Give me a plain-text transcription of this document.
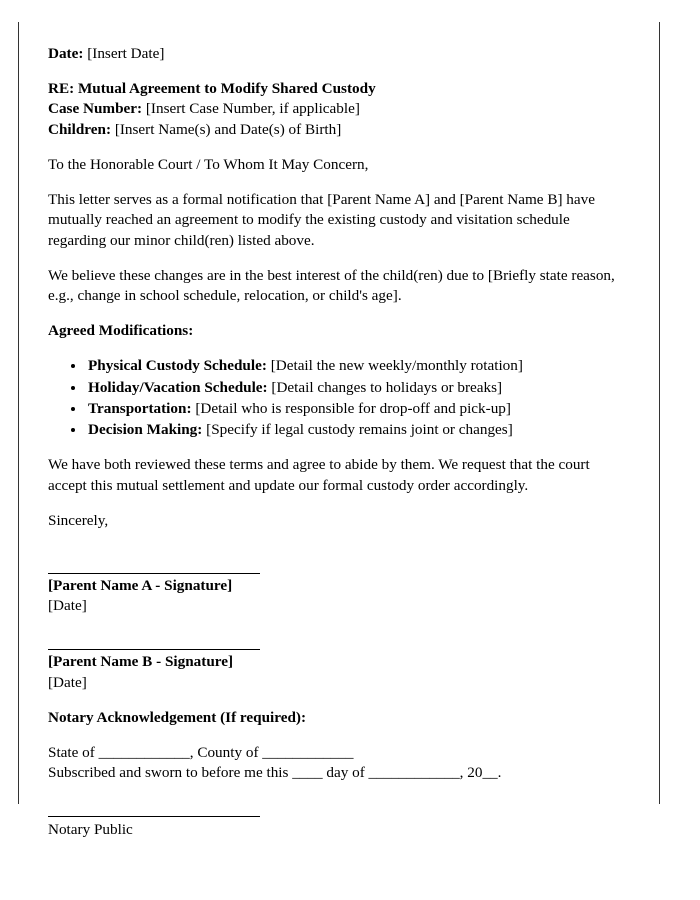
Date: [Insert Date]
RE: Mutual Agreement to Modify Shared Custody
Case Number: [Insert Case Number, if applicable]
Children: [Insert Name(s) and Date(s) of Birth]
To the Honorable Court / To Whom It May Concern,
This letter serves as a formal notification that [Parent Name A] and [Parent Name B] have mutually reached an agreement to modify the existing custody and visitation schedule regarding our minor child(ren) listed above.
We believe these changes are in the best interest of the child(ren) due to [Briefly state reason, e.g., change in school schedule, relocation, or child's age].
Agreed Modifications:
• Physical Custody Schedule: [Detail the new weekly/monthly rotation]
• Holiday/Vacation Schedule: [Detail changes to holidays or breaks]
• Transportation: [Detail who is responsible for drop-off and pick-up]
• Decision Making: [Specify if legal custody remains joint or changes]
We have both reviewed these terms and agree to abide by them. We request that the court accept this mutual settlement and update our formal custody order accordingly.
Sincerely,
[Parent Name A - Signature]
[Date]
[Parent Name B - Signature]
[Date]
Notary Acknowledgement (If required):
State of ____________, County of ____________
Subscribed and sworn to before me this ____ day of ____________, 20__.
Notary Public
